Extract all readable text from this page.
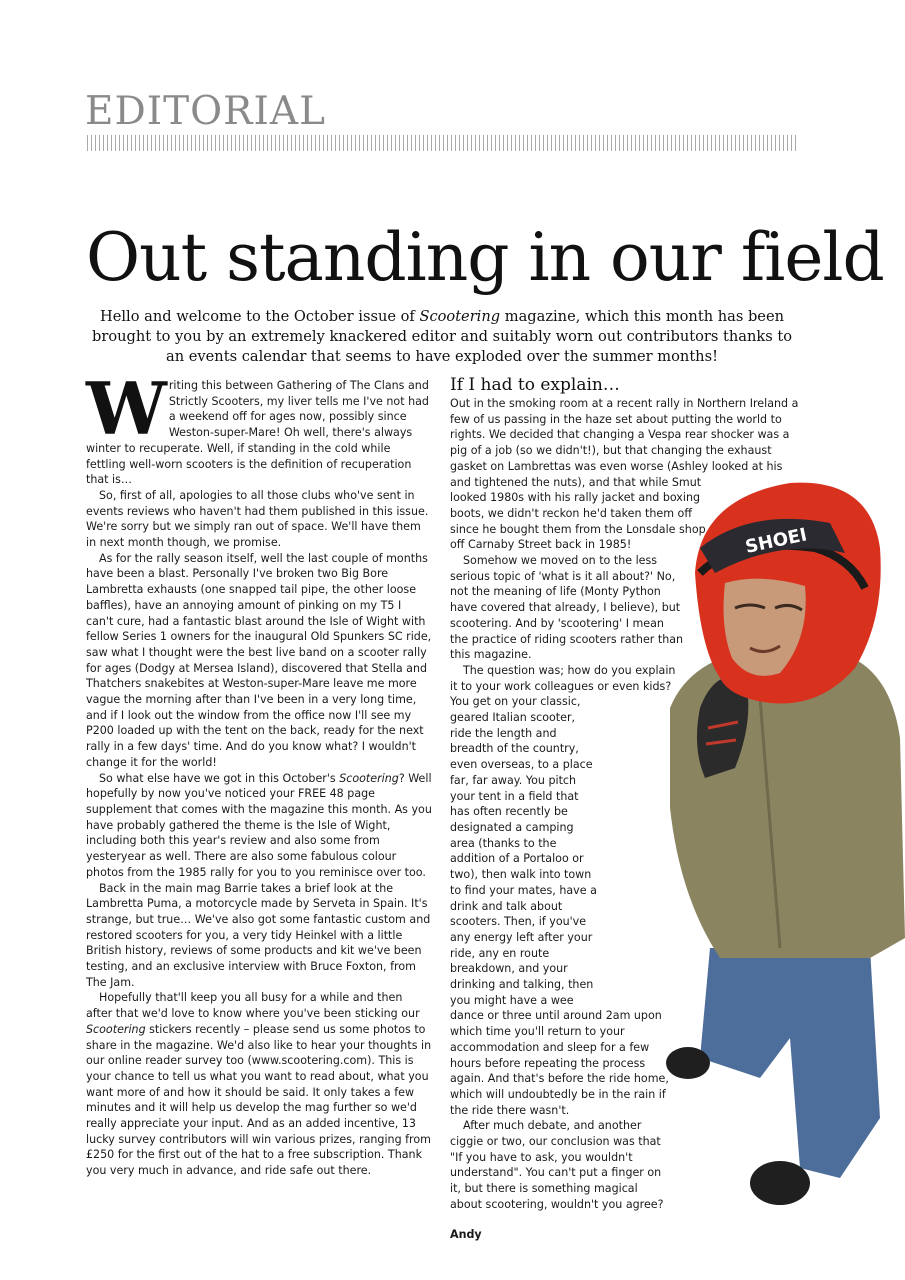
EDITORIAL
Out standing in our field
Hello and welcome to the October issue of Scootering magazine, which this month has been brought to you by an extremely knackered editor and suitably worn out contributors thanks to an events calendar that seems to have exploded over the summer months!

Writing this between Gathering of The Clans and Strictly Scooters, my liver tells me I've not had a weekend off for ages now, possibly since Weston-super-Mare! Oh well, there's always winter to recuperate. Well, if standing in the cold while fettling well-worn scooters is the definition of recuperation that is…

So, first of all, apologies to all those clubs who've sent in events reviews who haven't had them published in this issue. We're sorry but we simply ran out of space. We'll have them in next month though, we promise.

As for the rally season itself, well the last couple of months have been a blast. Personally I've broken two Big Bore Lambretta exhausts (one snapped tail pipe, the other loose baffles), have an annoying amount of pinking on my T5 I can't cure, had a fantastic blast around the Isle of Wight with fellow Series 1 owners for the inaugural Old Spunkers SC ride, saw what I thought were the best live band on a scooter rally for ages (Dodgy at Mersea Island), discovered that Stella and Thatchers snakebites at Weston-super-Mare leave me more vague the morning after than I've been in a very long time, and if I look out the window from the office now I'll see my P200 loaded up with the tent on the back, ready for the next rally in a few days' time. And do you know what? I wouldn't change it for the world!

So what else have we got in this October's Scootering? Well hopefully by now you've noticed your FREE 48 page supplement that comes with the magazine this month. As you have probably gathered the theme is the Isle of Wight, including both this year's review and also some from yesteryear as well. There are also some fabulous colour photos from the 1985 rally for you to you reminisce over too.

Back in the main mag Barrie takes a brief look at the Lambretta Puma, a motorcycle made by Serveta in Spain. It's strange, but true… We've also got some fantastic custom and restored scooters for you, a very tidy Heinkel with a little British history, reviews of some products and kit we've been testing, and an exclusive interview with Bruce Foxton, from The Jam.

Hopefully that'll keep you all busy for a while and then after that we'd love to know where you've been sticking our Scootering stickers recently – please send us some photos to share in the magazine. We'd also like to hear your thoughts in our online reader survey too (www.scootering.com). This is your chance to tell us what you want to read about, what you want more of and how it should be said. It only takes a few minutes and it will help us develop the mag further so we'd really appreciate your input. And as an added incentive, 13 lucky survey contributors will win various prizes, ranging from £250 for the first out of the hat to a free subscription. Thank you very much in advance, and ride safe out there.

If I had to explain…

Out in the smoking room at a recent rally in Northern Ireland a few of us passing in the haze set about putting the world to rights. We decided that changing a Vespa rear shocker was a pig of a job (so we didn't!), but that changing the exhaust gasket on Lambrettas was even worse (Ashley looked at his and tightened the nuts), and that while Smut looked 1980s with his rally jacket and boxing boots, we didn't reckon he'd taken them off since he bought them from the Lonsdale shop off Carnaby Street back in 1985!

Somehow we moved on to the less serious topic of 'what is it all about?' No, not the meaning of life (Monty Python have covered that already, I believe), but scootering. And by 'scootering' I mean the practice of riding scooters rather than this magazine.

The question was; how do you explain it to your work colleagues or even kids? You get on your classic, geared Italian scooter, ride the length and breadth of the country, even overseas, to a place far, far away. You pitch your tent in a field that has often recently be designated a camping area (thanks to the addition of a Portaloo or two), then walk into town to find your mates, have a drink and talk about scooters. Then, if you've any energy left after your ride, any en route breakdown, and your drinking and talking, then you might have a wee dance or three until around 2am upon which time you'll return to your accommodation and sleep for a few hours before repeating the process again. And that's before the ride home, which will undoubtedly be in the rain if the ride there wasn't.

After much debate, and another ciggie or two, our conclusion was that "If you have to ask, you wouldn't understand". You can't put a finger on it, but there is something magical about scootering, wouldn't you agree?

Andy

SHOEI
